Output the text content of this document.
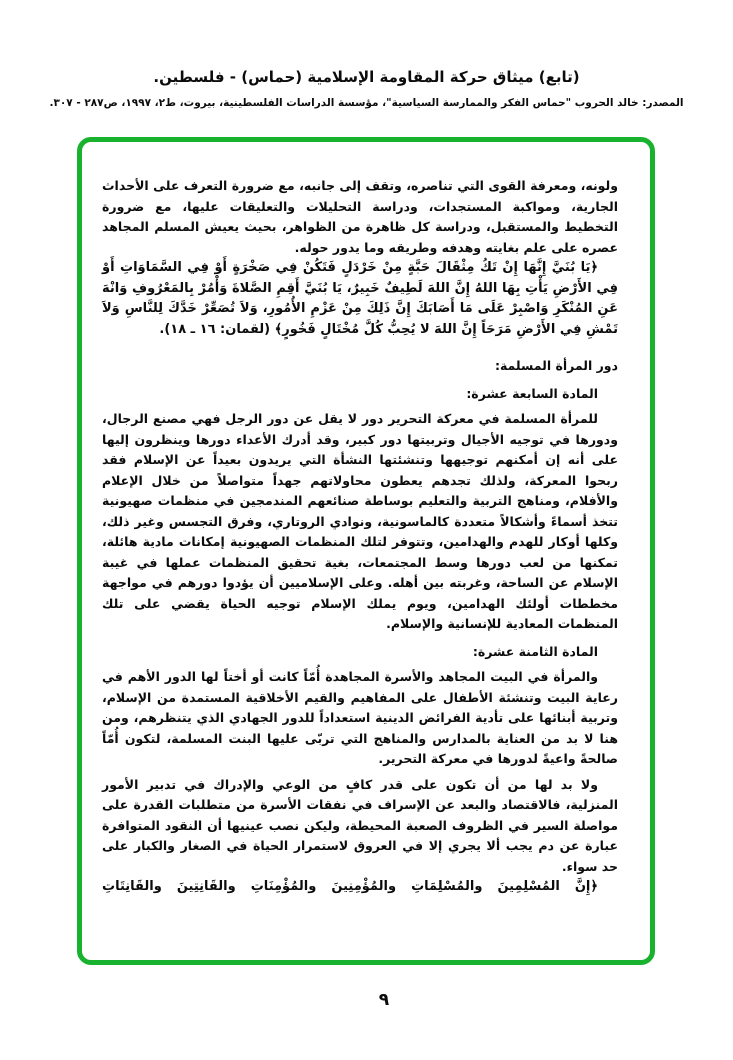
(تابع) ميثاق حركة المقاومة الإسلامية (حماس) - فلسطين.
المصدر: خالد الحروب "حماس الفكر والممارسة السياسية"، مؤسسة الدراسات الفلسطينية، بيروت، ط٢، ١٩٩٧، ص٢٨٧ - ٣٠٧.

ولونه، ومعرفة القوى التي تناصره، وتقف إلى جانبه، مع ضرورة التعرف على الأحداث الجارية، ومواكبة المستجدات، ودراسة التحليلات والتعليقات عليها، مع ضرورة التخطيط والمستقبل، ودراسة كل ظاهرة من الظواهر، بحيث يعيش المسلم المجاهد عصره على علم بغايته وهدفه وطريقه وما يدور حوله.

﴿يَا بُنَيَّ إِنَّهَا إِنْ تَكُ مِثْقَالَ حَبَّةٍ مِنْ خَرْدَلٍ فَتَكُنْ فِي صَخْرَةٍ أَوْ فِي السَّمَاوَاتِ أَوْ فِي الأَرْضِ يَأْتِ بِهَا اللهُ إِنَّ اللهَ لَطِيفٌ خَبِيرٌ، يَا بُنَيَّ أَقِمِ الصَّلاةَ وَأْمُرْ بِالمَعْرُوفِ وَانْهَ عَنِ المُنْكَرِ وَاصْبِرْ عَلَى مَا أَصَابَكَ إِنَّ ذَلِكَ مِنْ عَزْمِ الأُمُورِ، وَلاَ تُصَعِّرْ خَدَّكَ لِلنَّاسِ وَلاَ تَمْشِ فِي الأَرْضِ مَرَحَاً إِنَّ اللهَ لا يُحِبُّ كُلَّ مُخْتَالٍ فَخُورٍ﴾ (لقمان: ١٦ ـ ١٨).

دور المرأة المسلمة:

المادة السابعة عشرة:

للمرأة المسلمة في معركة التحرير دور لا يقل عن دور الرجل فهي مصنع الرجال، ودورها في توجيه الأجيال وتربيتها دور كبير، وقد أدرك الأعداء دورها وينظرون إليها على أنه إن أمكنهم توجيهها وتنشئتها النشأة التي يريدون بعيداً عن الإسلام فقد ربحوا المعركة، ولذلك تجدهم يعطون محاولاتهم جهداً متواصلاً من خلال الإعلام والأفلام، ومناهج التربية والتعليم بوساطة صنائعهم المندمجين في منظمات صهيونية تتخذ أسماءً وأشكالاً متعددة كالماسونية، ونوادي الروتاري، وفرق التجسس وغير ذلك، وكلها أوكار للهدم والهدامين، وتتوفر لتلك المنظمات الصهيونية إمكانات مادية هائلة، تمكنها من لعب دورها وسط المجتمعات، بغية تحقيق المنظمات عملها في غيبة الإسلام عن الساحة، وغربته بين أهله. وعلى الإسلاميين أن يؤدوا دورهم في مواجهة مخططات أولئك الهدامين، ويوم يملك الإسلام توجيه الحياة يقضي على تلك المنظمات المعادية للإنسانية والإسلام.

المادة الثامنة عشرة:

والمرأة في البيت المجاهد والأسرة المجاهدة أُمّاً كانت أو أختاً لها الدور الأهم في رعاية البيت وتنشئة الأطفال على المفاهيم والقيم الأخلاقية المستمدة من الإسلام، وتربية أبنائها على تأدية الفرائض الدينية استعداداً للدور الجهادي الذي يتنظرهم، ومن هنا لا بد من العناية بالمدارس والمناهج التي تربّى عليها البنت المسلمة، لتكون أُمّاً صالحةً واعيةً لدورها في معركة التحرير.

ولا بد لها من أن تكون على قدر كافٍ من الوعي والإدراك في تدبير الأمور المنزلية، فالاقتصاد والبعد عن الإسراف في نفقات الأسرة من متطلبات القدرة على مواصلة السير في الظروف الصعبة المحيطة، وليكن نصب عينيها أن النقود المتوافرة عبارة عن دم يجب ألا يجري إلا في العروق لاستمرار الحياة في الصغار والكبار على حد سواء.

﴿إِنَّ المُسْلِمِينَ والمُسْلِمَاتِ والمُؤْمِنِينَ والمُؤْمِنَاتِ والقَانِتِينَ والقَانِتَاتِ

٩
